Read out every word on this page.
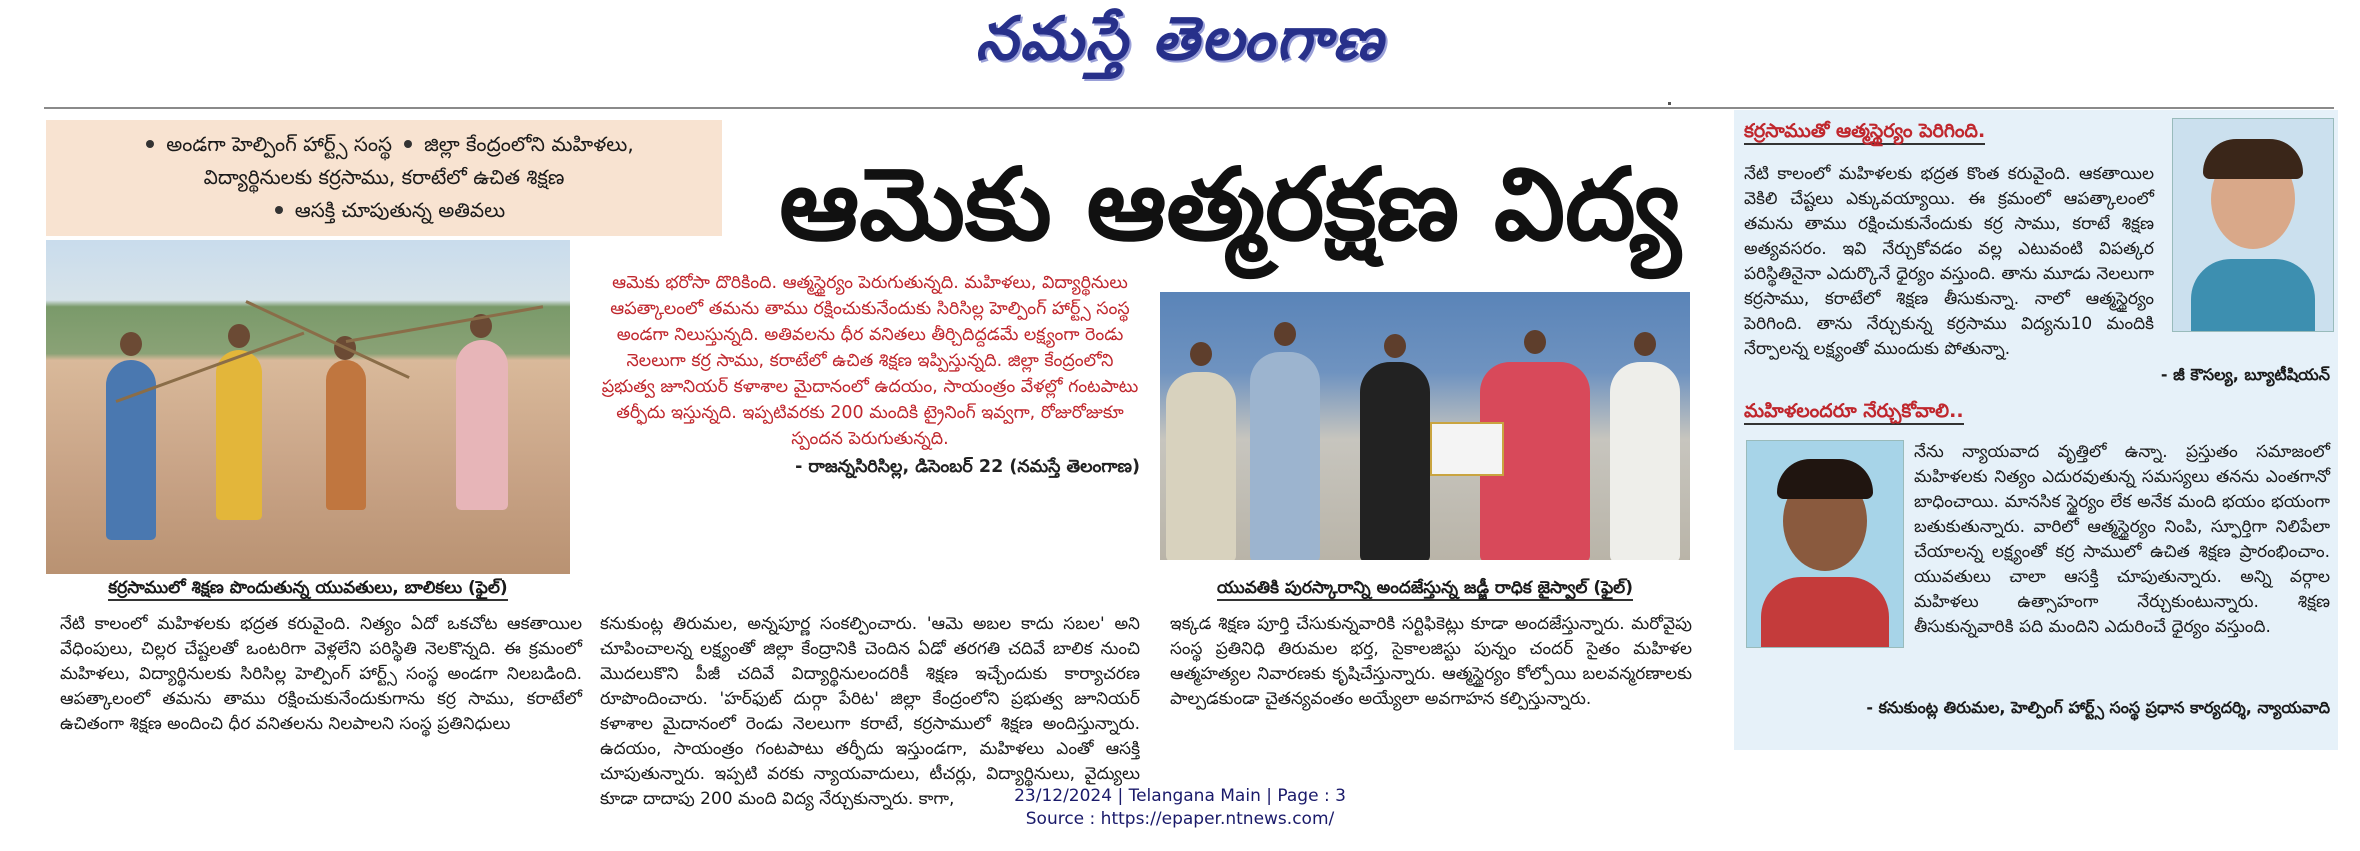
నమస్తే తెలంగాణ
అండగా హెల్పింగ్ హార్ట్స్ సంస్థ జిల్లా కేంద్రంలోని మహిళలు,
విద్యార్థినులకు కర్రసాము, కరాటేలో ఉచిత శిక్షణ
ఆసక్తి చూపుతున్న అతివలు	ఆమెకు ఆత్మరక్షణ విద్య
కర్రసాములో శిక్షణ పొందుతున్న యువతులు, బాలికలు (ఫైల్)
ఆమెకు భరోసా దొరికింది. ఆత్మస్థైర్యం పెరుగుతున్నది. మహిళలు, విద్యార్థినులు ఆపత్కాలంలో తమను తాము రక్షించుకునేందుకు సిరిసిల్ల హెల్పింగ్ హార్ట్స్ సంస్థ అండగా నిలుస్తున్నది. అతివలను ధీర వనితలు తీర్చిదిద్దడమే లక్ష్యంగా రెండు నెలలుగా కర్ర సాము, కరాటేలో ఉచిత శిక్షణ ఇప్పిస్తున్నది. జిల్లా కేంద్రంలోని ప్రభుత్వ జూనియర్ కళాశాల మైదానంలో ఉదయం, సాయంత్రం వేళల్లో గంటపాటు తర్ఫీదు ఇస్తున్నది. ఇప్పటివరకు 200 మందికి ట్రైనింగ్ ఇవ్వగా, రోజురోజుకూ స్పందన పెరుగుతున్నది.
- రాజన్నసిరిసిల్ల, డిసెంబర్ 22 (నమస్తే తెలంగాణ)
యువతికి పురస్కారాన్ని అందజేస్తున్న జడ్జీ రాధిక జైస్వాల్ (ఫైల్)
నేటి కాలంలో మహిళలకు భద్రత కరువైంది. నిత్యం ఏదో ఒకచోట ఆకతాయిల వేధింపులు, చిల్లర చేష్టలతో ఒంటరిగా వెళ్లలేని పరిస్థితి నెలకొన్నది. ఈ క్రమంలో మహిళలు, విద్యార్థినులకు సిరిసిల్ల హెల్పింగ్ హార్ట్స్ సంస్థ అండగా నిలబడింది. ఆపత్కాలంలో తమను తాము రక్షించుకునేందుకుగాను కర్ర సాము, కరాటేలో ఉచితంగా శిక్షణ అందించి ధీర వనితలను నిలపాలని సంస్థ ప్రతినిధులు
కనుకుంట్ల తిరుమల, అన్నపూర్ణ సంకల్పించారు. 'ఆమె అబల కాదు సబల' అని చూపించాలన్న లక్ష్యంతో జిల్లా కేంద్రానికి చెందిన ఏడో తరగతి చదివే బాలిక నుంచి మొదలుకొని పీజీ చదివే విద్యార్థినులందరికీ శిక్షణ ఇచ్చేందుకు కార్యాచరణ రూపొందించారు. 'హర్‌ఫుట్ దుర్గా పేరిట' జిల్లా కేంద్రంలోని ప్రభుత్వ జూనియర్ కళాశాల మైదానంలో రెండు నెలలుగా కరాటే, కర్రసాములో శిక్షణ అందిస్తున్నారు. ఉదయం, సాయంత్రం గంటపాటు తర్ఫీదు ఇస్తుండగా, మహిళలు ఎంతో ఆసక్తి చూపుతున్నారు. ఇప్పటి వరకు న్యాయవాదులు, టీచర్లు, విద్యార్థినులు, వైద్యులు కూడా దాదాపు 200 మంది విద్య నేర్చుకున్నారు. కాగా,
ఇక్కడ శిక్షణ పూర్తి చేసుకున్నవారికి సర్టిఫికెట్లు కూడా అందజేస్తున్నారు. మరోవైపు సంస్థ ప్రతినిధి తిరుమల భర్త, సైకాలజిస్టు పున్నం చందర్ సైతం మహిళల ఆత్మహత్యల నివారణకు కృషిచేస్తున్నారు. ఆత్మస్థైర్యం కోల్పోయి బలవన్మరణాలకు పాల్పడకుండా చైతన్యవంతం అయ్యేలా అవగాహన కల్పిస్తున్నారు.
కర్రసాముతో ఆత్మస్థైర్యం పెరిగింది.
నేటి కాలంలో మహిళలకు భద్రత కొంత కరువైంది. ఆకతాయిల వెకిలి చేష్టలు ఎక్కువయ్యాయి. ఈ క్రమంలో ఆపత్కాలంలో తమను తాము రక్షించుకునేందుకు కర్ర సాము, కరాటే శిక్షణ అత్యవసరం. ఇవి నేర్చుకోవడం వల్ల ఎటువంటి విపత్కర పరిస్థితినైనా ఎదుర్కొనే ధైర్యం వస్తుంది. తాను మూడు నెలలుగా కర్రసాము, కరాటేలో శిక్షణ తీసుకున్నా. నాలో ఆత్మస్థైర్యం పెరిగింది. తాను నేర్చుకున్న కర్రసాము విద్యను10 మందికి నేర్పాలన్న లక్ష్యంతో ముందుకు పోతున్నా.
- జీ కౌసల్య, బ్యూటీషియన్
మహిళలందరూ నేర్చుకోవాలి..
నేను న్యాయవాద వృత్తిలో ఉన్నా. ప్రస్తుతం సమాజంలో మహిళలకు నిత్యం ఎదురవుతున్న సమస్యలు తనను ఎంతగానో బాధించాయి. మానసిక స్థైర్యం లేక అనేక మంది భయం భయంగా బతుకుతున్నారు. వారిలో ఆత్మస్థైర్యం నింపి, స్ఫూర్తిగా నిలిపేలా చేయాలన్న లక్ష్యంతో కర్ర సాములో ఉచిత శిక్షణ ప్రారంభించాం. యువతులు చాలా ఆసక్తి చూపుతున్నారు. అన్ని వర్గాల మహిళలు ఉత్సాహంగా నేర్చుకుంటున్నారు. శిక్షణ తీసుకున్నవారికి పది మందిని ఎదురించే ధైర్యం వస్తుంది.
- కనుకుంట్ల తిరుమల, హెల్పింగ్ హార్ట్స్ సంస్థ ప్రధాన కార్యదర్శి, న్యాయవాది
23/12/2024 | Telangana Main | Page : 3
Source : https://epaper.ntnews.com/
